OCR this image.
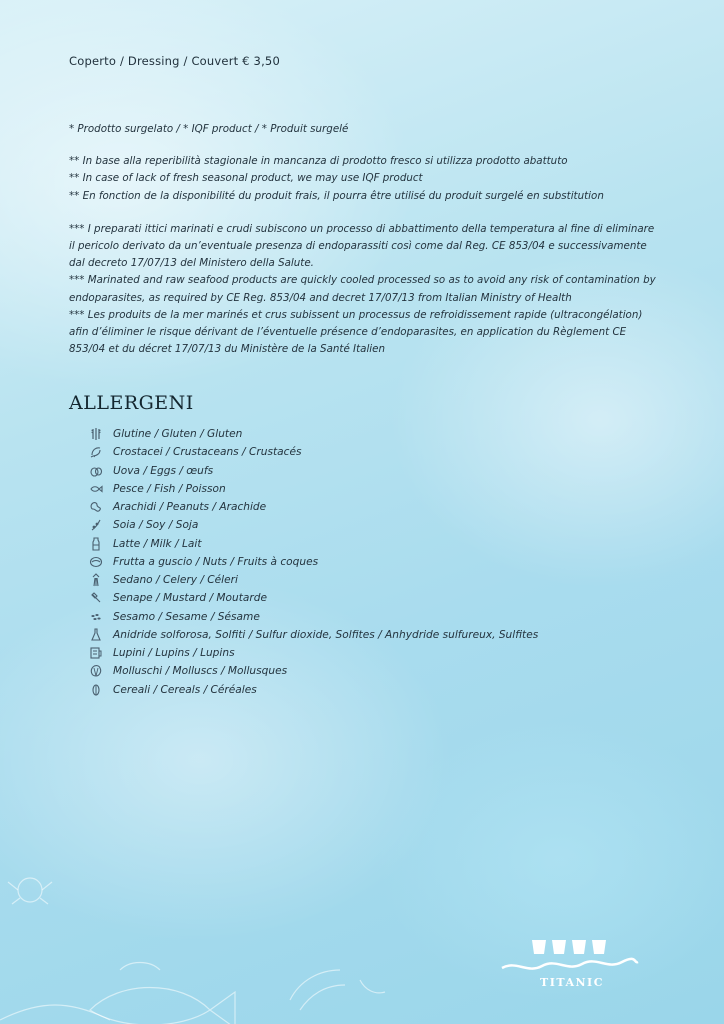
Coperto / Dressing / Couvert € 3,50

* Prodotto surgelato / * IQF product / * Produit surgelé

** In base alla reperibilità stagionale in mancanza di prodotto fresco si utilizza prodotto abattuto

** In case of lack of fresh seasonal product, we may use IQF product

** En fonction de la disponibilité du produit frais, il pourra être utilisé du produit surgelé en substitution

*** I preparati ittici marinati e crudi subiscono un processo di abbattimento della temperatura al fine di eliminare il pericolo derivato da un’eventuale presenza di endoparassiti così come dal Reg. CE 853/04 e successivamente dal decreto 17/07/13 del Ministero della Salute.

*** Marinated and raw seafood products are quickly cooled processed so as to avoid any risk of contamination by endoparasites, as required by CE Reg. 853/04 and decret 17/07/13 from Italian Ministry of Health

*** Les produits de la mer marinés et crus subissent un processus de refroidissement rapide (ultracongélation) afin d’éliminer le risque dérivant de l’éventuelle présence d’endoparasites, en application du Règlement CE 853/04 et du décret 17/07/13 du Ministère de la Santé Italien

ALLERGENI
Glutine / Gluten / Gluten
Crostacei / Crustaceans / Crustacés
Uova / Eggs / œufs
Pesce / Fish / Poisson
Arachidi / Peanuts / Arachide
Soia / Soy / Soja
Latte / Milk / Lait
Frutta a guscio / Nuts / Fruits à coques
Sedano / Celery / Céleri
Senape / Mustard / Moutarde
Sesamo / Sesame / Sésame
Anidride solforosa, Solfiti / Sulfur dioxide, Solfites / Anhydride sulfureux, Sulfites
Lupini / Lupins / Lupins
Molluschi / Molluscs / Mollusques
Cereali / Cereals / Céréales
TITANIC
